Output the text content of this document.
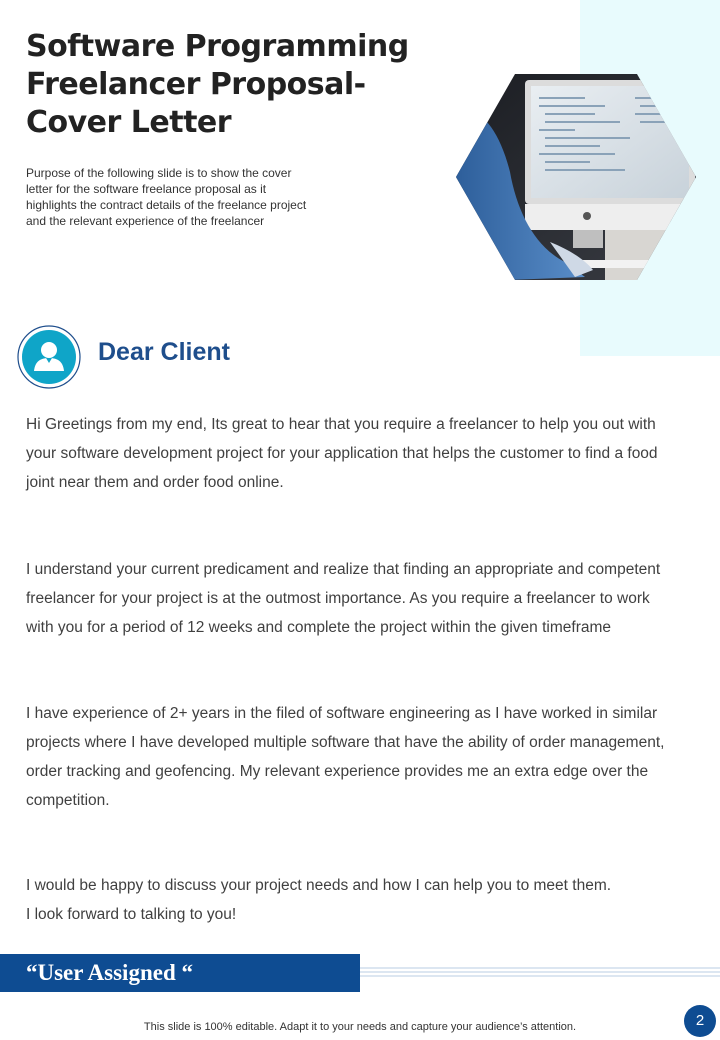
Software Programming
Freelancer Proposal-
Cover Letter

Purpose of the following slide is to show the cover
letter for the software freelance proposal as it
highlights the contract details of the freelance project
and the relevant experience of the freelancer

Dear Client
Hi Greetings from my end, Its great to hear that you require a freelancer to help you out with
your software development project for your application that helps the customer to find a food
joint near them and order food online.
I understand your current predicament and realize that finding an appropriate and competent
freelancer for your project is at the outmost importance. As you require a freelancer to work
with you for a period of 12 weeks and complete the project within the given timeframe
I have experience of 2+ years in the filed of software engineering as I have worked in similar
projects where I have developed multiple software that have the ability of order management,
order tracking and geofencing. My relevant experience provides me an extra edge over the
competition.
I would be happy to discuss your project needs and how I can help you to meet them.
I look forward to talking to you!

“User Assigned “

This slide is 100% editable. Adapt it to your needs and capture your audience’s attention.	2
